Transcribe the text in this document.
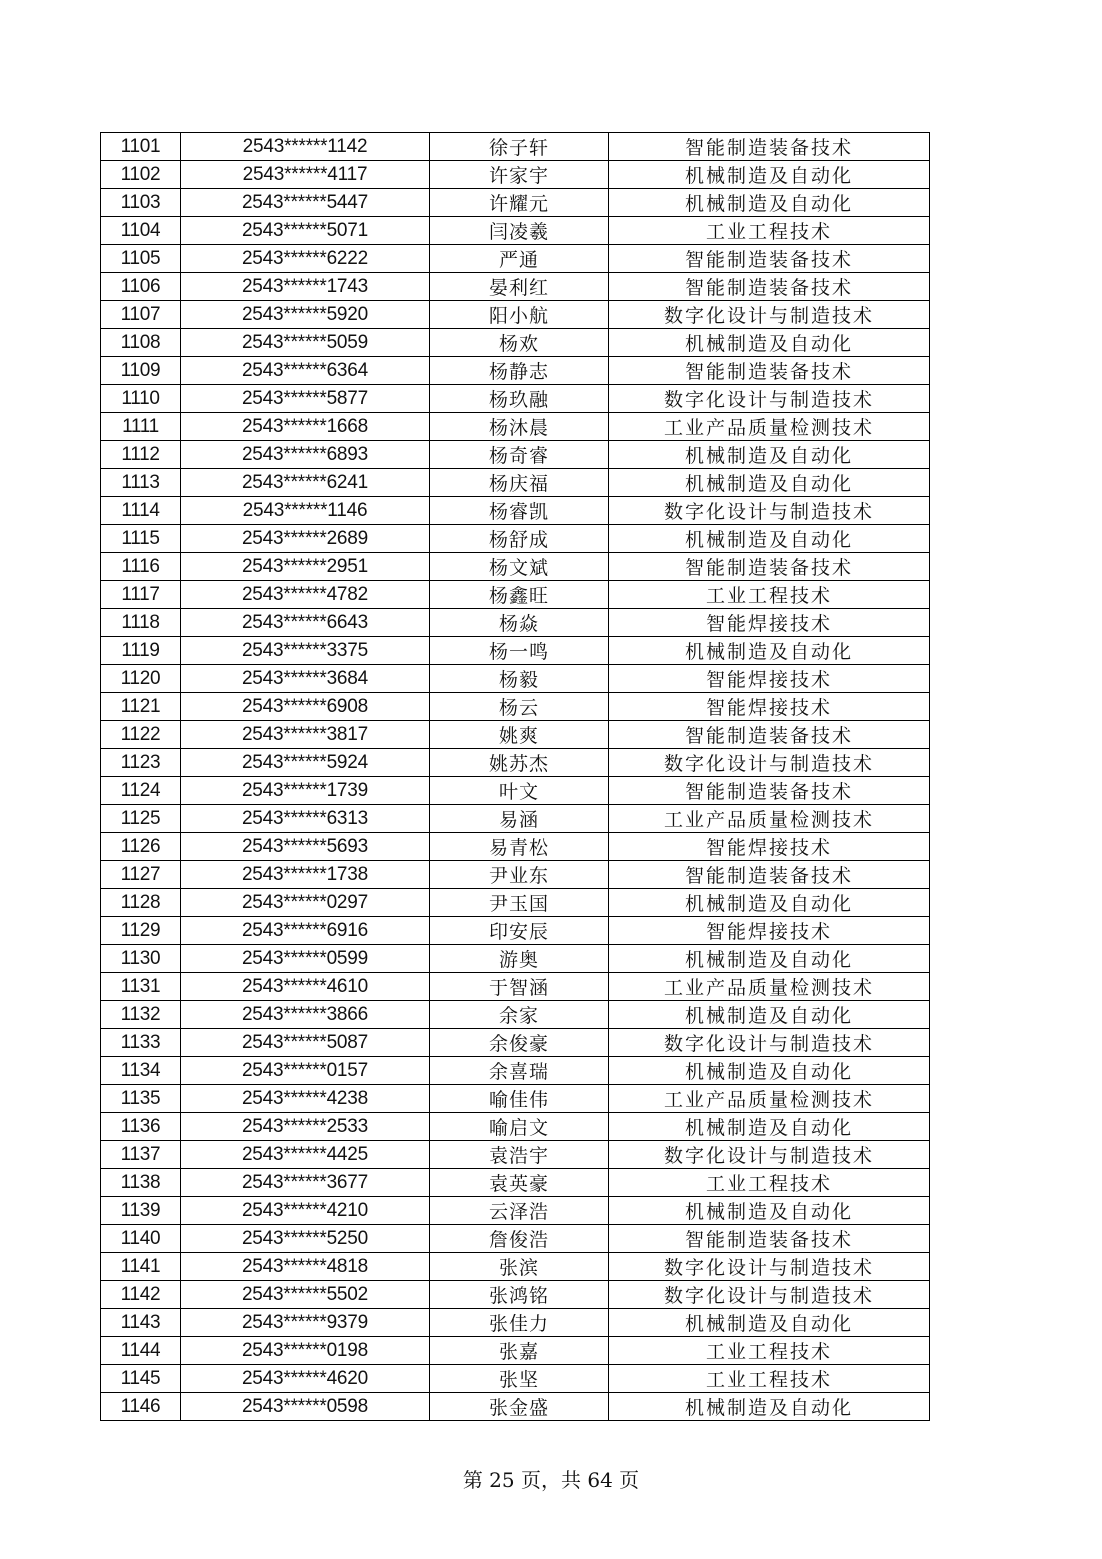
1101	2543******1142	徐子轩	智能制造装备技术
1102	2543******4117	许家宇	机械制造及自动化
1103	2543******5447	许耀元	机械制造及自动化
1104	2543******5071	闫凌羲	工业工程技术
1105	2543******6222	严通	智能制造装备技术
1106	2543******1743	晏利红	智能制造装备技术
1107	2543******5920	阳小航	数字化设计与制造技术
1108	2543******5059	杨欢	机械制造及自动化
1109	2543******6364	杨静志	智能制造装备技术
1110	2543******5877	杨玖融	数字化设计与制造技术
1111	2543******1668	杨沐晨	工业产品质量检测技术
1112	2543******6893	杨奇睿	机械制造及自动化
1113	2543******6241	杨庆福	机械制造及自动化
1114	2543******1146	杨睿凯	数字化设计与制造技术
1115	2543******2689	杨舒成	机械制造及自动化
1116	2543******2951	杨文斌	智能制造装备技术
1117	2543******4782	杨鑫旺	工业工程技术
1118	2543******6643	杨焱	智能焊接技术
1119	2543******3375	杨一鸣	机械制造及自动化
1120	2543******3684	杨毅	智能焊接技术
1121	2543******6908	杨云	智能焊接技术
1122	2543******3817	姚爽	智能制造装备技术
1123	2543******5924	姚苏杰	数字化设计与制造技术
1124	2543******1739	叶文	智能制造装备技术
1125	2543******6313	易涵	工业产品质量检测技术
1126	2543******5693	易青松	智能焊接技术
1127	2543******1738	尹业东	智能制造装备技术
1128	2543******0297	尹玉国	机械制造及自动化
1129	2543******6916	印安辰	智能焊接技术
1130	2543******0599	游奥	机械制造及自动化
1131	2543******4610	于智涵	工业产品质量检测技术
1132	2543******3866	余家	机械制造及自动化
1133	2543******5087	余俊豪	数字化设计与制造技术
1134	2543******0157	余喜瑞	机械制造及自动化
1135	2543******4238	喻佳伟	工业产品质量检测技术
1136	2543******2533	喻启文	机械制造及自动化
1137	2543******4425	袁浩宇	数字化设计与制造技术
1138	2543******3677	袁英豪	工业工程技术
1139	2543******4210	云泽浩	机械制造及自动化
1140	2543******5250	詹俊浩	智能制造装备技术
1141	2543******4818	张滨	数字化设计与制造技术
1142	2543******5502	张鸿铭	数字化设计与制造技术
1143	2543******9379	张佳力	机械制造及自动化
1144	2543******0198	张嘉	工业工程技术
1145	2543******4620	张坚	工业工程技术
1146	2543******0598	张金盛	机械制造及自动化
第 25 页，共 64 页
